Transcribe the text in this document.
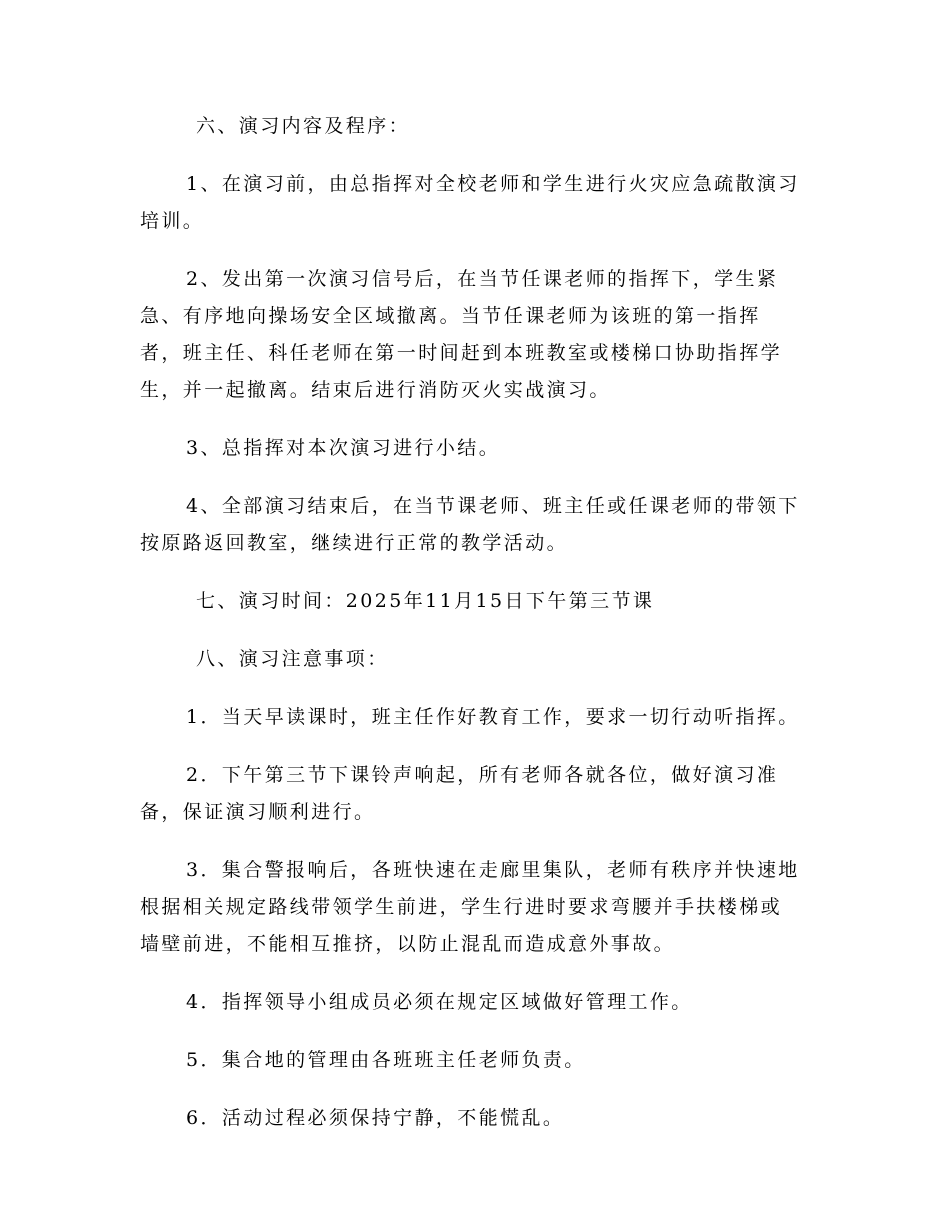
六、演习内容及程序：
1、在演习前，由总指挥对全校老师和学生进行火灾应急疏散演习
培训。
2、发出第一次演习信号后，在当节任课老师的指挥下，学生紧
急、有序地向操场安全区域撤离。当节任课老师为该班的第一指挥
者，班主任、科任老师在第一时间赶到本班教室或楼梯口协助指挥学
生，并一起撤离。结束后进行消防灭火实战演习。
3、总指挥对本次演习进行小结。
4、全部演习结束后，在当节课老师、班主任或任课老师的带领下
按原路返回教室，继续进行正常的教学活动。
七、演习时间：2025年11月15日下午第三节课
八、演习注意事项：
1．当天早读课时，班主任作好教育工作，要求一切行动听指挥。
2．下午第三节下课铃声响起，所有老师各就各位，做好演习准
备，保证演习顺利进行。
3．集合警报响后，各班快速在走廊里集队，老师有秩序并快速地
根据相关规定路线带领学生前进，学生行进时要求弯腰并手扶楼梯或
墙壁前进，不能相互推挤，以防止混乱而造成意外事故。
4．指挥领导小组成员必须在规定区域做好管理工作。
5．集合地的管理由各班班主任老师负责。
6．活动过程必须保持宁静，不能慌乱。
